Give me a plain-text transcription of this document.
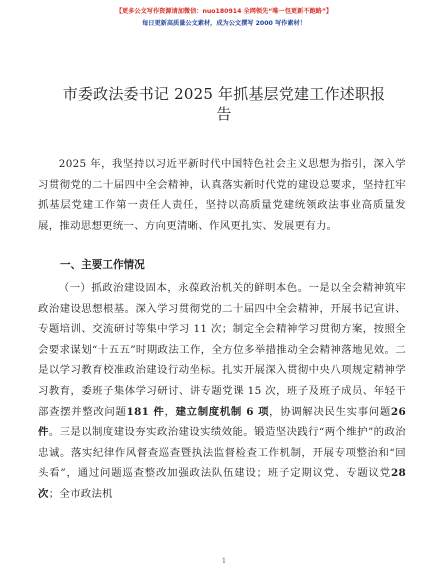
【更多公文写作资源请加微信：nuo180914 全网领先“唯一包更新不跑路”】
每日更新高质量公文素材，成为公文撰写 2000 写作素材！
市委政法委书记 2025 年抓基层党建工作述职报告
2025 年，我坚持以习近平新时代中国特色社会主义思想为指引，深入学习贯彻党的二十届四中全会精神，认真落实新时代党的建设总要求，坚持扛牢抓基层党建工作第一责任人责任，坚持以高质量党建统领政法事业高质量发展，推动思想更统一、方向更清晰、作风更扎实、发展更有力。
一、主要工作情况
（一）抓政治建设固本，永葆政治机关的鲜明本色。一是以全会精神筑牢政治建设思想根基。深入学习贯彻党的二十届四中全会精神，开展书记宣讲、专题培训、交流研讨等集中学习 11 次；制定全会精神学习贯彻方案，按照全会要求谋划“十五五”时期政法工作，全方位多举措推动全会精神落地见效。二是以学习教育校准政治建设行动坐标。扎实开展深入贯彻中央八项规定精神学习教育，委班子集体学习研讨、讲专题党课 15 次，班子及班子成员、年轻干部查摆并整改问题181 件，建立制度机制 6 项，协调解决民生实事问题26 件。三是以制度建设夯实政治建设实绩效能。锻造坚决践行“两个维护”的政治忠诚。落实纪律作风督查巡查暨执法监督检查工作机制，开展专项整治和“回头看”，通过问题巡查整改加强政法队伍建设；班子定期议党、专题议党28 次；全市政法机
1
